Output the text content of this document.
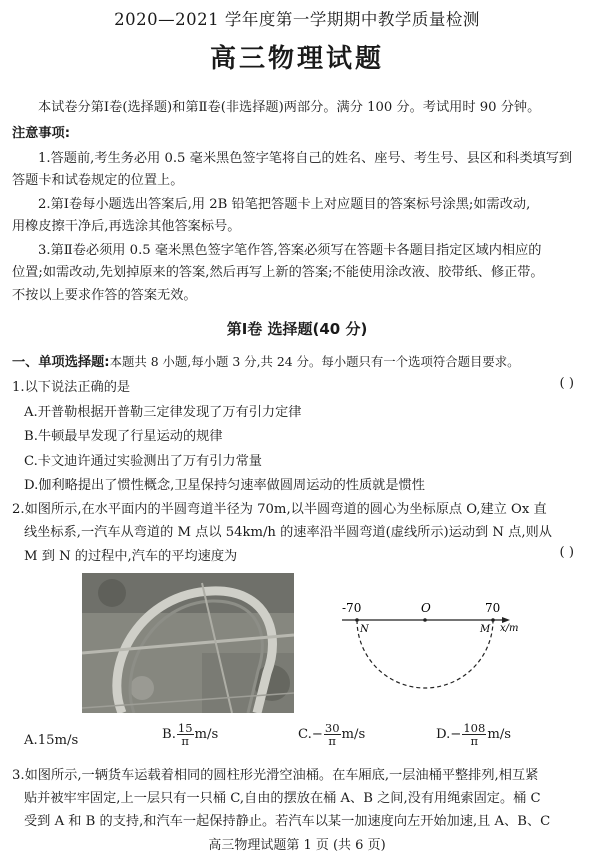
2020—2021 学年度第一学期期中教学质量检测
高三物理试题
本试卷分第Ⅰ卷(选择题)和第Ⅱ卷(非选择题)两部分。满分 100 分。考试用时 90 分钟。
注意事项:
1.答题前,考生务必用 0.5 毫米黑色签字笔将自己的姓名、座号、考生号、县区和科类填写到
答题卡和试卷规定的位置上。
2.第Ⅰ卷每小题选出答案后,用 2B 铅笔把答题卡上对应题目的答案标号涂黑;如需改动,
用橡皮擦干净后,再选涂其他答案标号。
3.第Ⅱ卷必须用 0.5 毫米黑色签字笔作答,答案必须写在答题卡各题目指定区域内相应的
位置;如需改动,先划掉原来的答案,然后再写上新的答案;不能使用涂改液、胶带纸、修正带。
不按以上要求作答的答案无效。
第Ⅰ卷 选择题(40 分)
一、单项选择题:本题共 8 小题,每小题 3 分,共 24 分。每小题只有一个选项符合题目要求。
1.以下说法正确的是	( )
A.开普勒根据开普勒三定律发现了万有引力定律
B.牛顿最早发现了行星运动的规律
C.卡文迪许通过实验测出了万有引力常量
D.伽利略提出了惯性概念,卫星保持匀速率做圆周运动的性质就是惯性
2.如图所示,在水平面内的半圆弯道半径为 70m,以半圆弯道的圆心为坐标原点 O,建立 Ox 直
线坐标系,一汽车从弯道的 M 点以 54km/h 的速率沿半圆弯道(虚线所示)运动到 N 点,则从
M 到 N 的过程中,汽车的平均速度为	( )
-70	O	70
N	M x/m
A.15m/s	B. $\frac{15}{\pi} m/s$	$C.- \frac{30}{\pi} m/s$	$D.- \frac{108}{\pi} m/s$
3.如图所示,一辆货车运载着相同的圆柱形光滑空油桶。在车厢底,一层油桶平整排列,相互紧
贴并被牢牢固定,上一层只有一只桶 C,自由的摆放在桶 A、B 之间,没有用绳索固定。桶 C
受到 A 和 B 的支持,和汽车一起保持静止。若汽车以某一加速度向左开始加速,且 A、B、C
高三物理试题第 1 页 (共 6 页)
